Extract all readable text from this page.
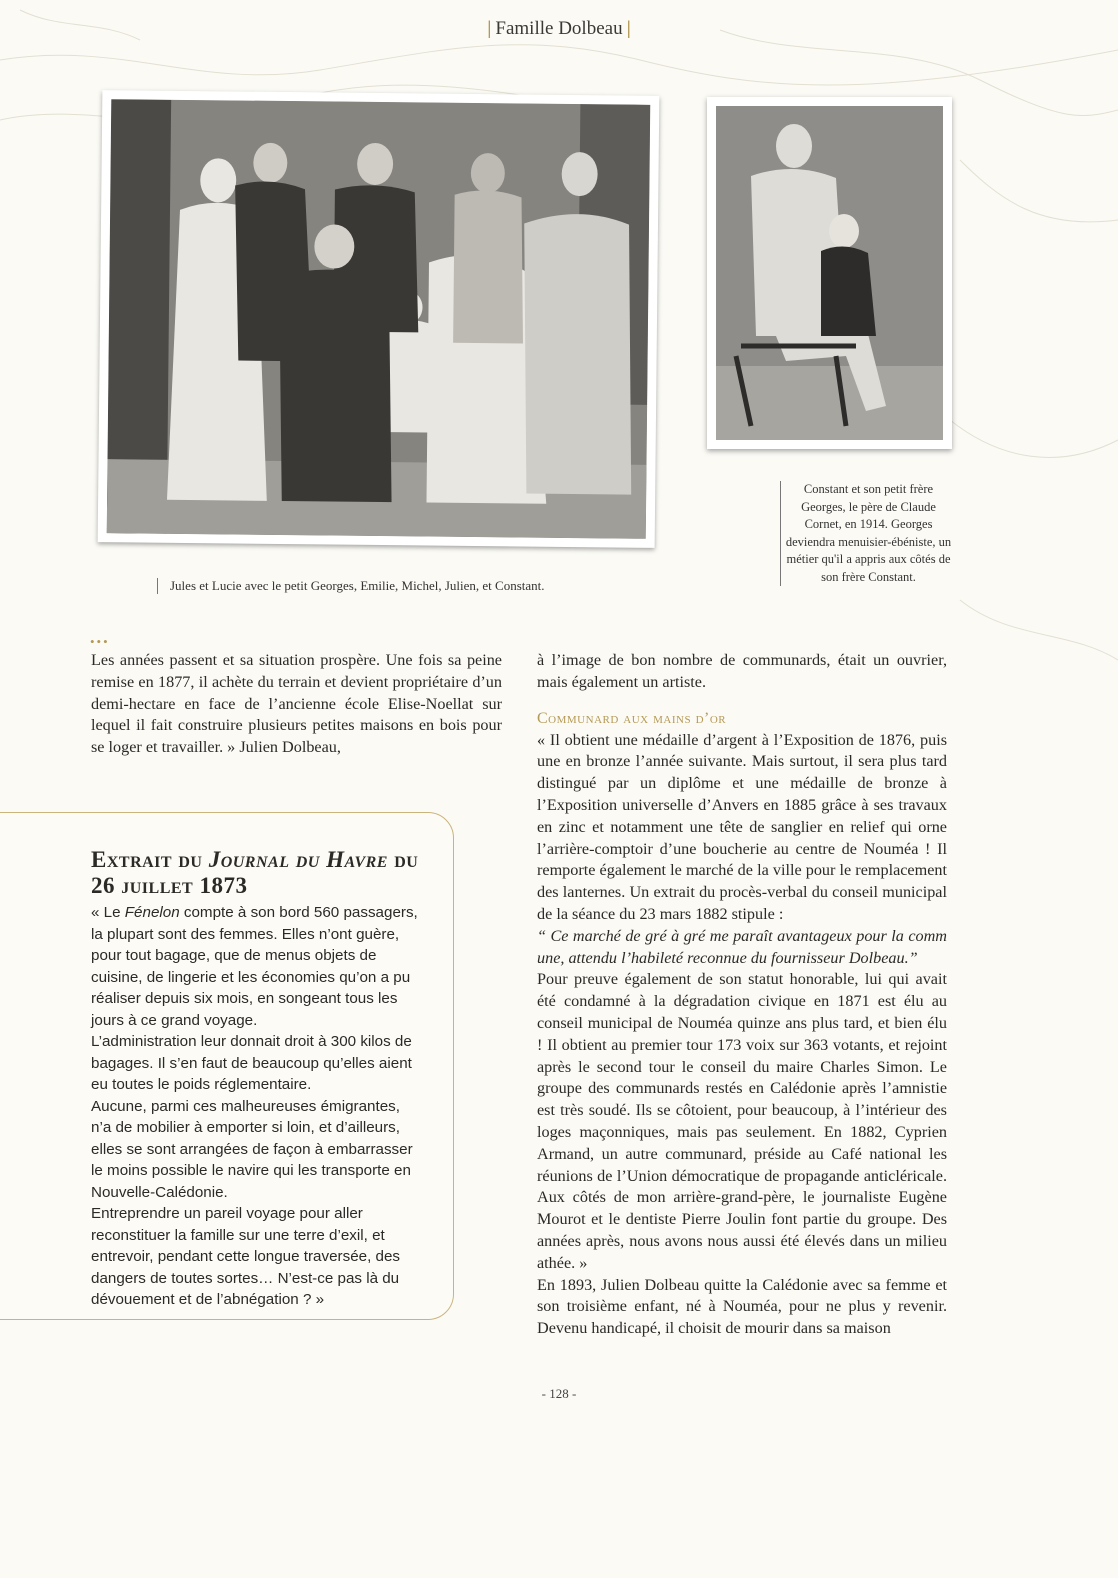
| Famille Dolbeau |
Jules et Lucie avec le petit Georges, Emilie, Michel, Julien, et Constant.
Constant et son petit frère Georges, le père de Claude Cornet, en 1914. Georges deviendra menuisier-ébéniste, un métier qu'il a appris aux côtés de son frère Constant.
•••

Les années passent et sa situation prospère. Une fois sa peine remise en 1877, il achète du terrain et devient propriétaire d’un demi-hectare en face de l’ancienne école Elise-Noellat sur lequel il fait construire plusieurs petites maisons en bois pour se loger et travailler. » Julien Dolbeau,

Extrait du Journal du Havre du 26 juillet 1873

« Le Fénelon compte à son bord 560 passagers, la plupart sont des femmes. Elles n’ont guère, pour tout bagage, que de menus objets de cuisine, de lingerie et les économies qu’on a pu réaliser depuis six mois, en songeant tous les jours à ce grand voyage.

L’administration leur donnait droit à 300 kilos de bagages. Il s’en faut de beaucoup qu’elles aient eu toutes le poids réglementaire.

Aucune, parmi ces malheureuses émigrantes, n’a de mobilier à emporter si loin, et d’ailleurs, elles se sont arrangées de façon à embarrasser le moins possible le navire qui les transporte en Nouvelle-Calédonie.

Entreprendre un pareil voyage pour aller reconstituer la famille sur une terre d’exil, et entrevoir, pendant cette longue traversée, des dangers de toutes sortes… N’est-ce pas là du dévouement et de l’abnégation ? »

à l’image de bon nombre de communards, était un ouvrier, mais également un artiste.

Communard aux mains d’or

« Il obtient une médaille d’argent à l’Exposition de 1876, puis une en bronze l’année suivante. Mais surtout, il sera plus tard distingué par un diplôme et une médaille de bronze à l’Exposition universelle d’Anvers en 1885 grâce à ses travaux en zinc et notamment une tête de sanglier en relief qui orne l’arrière-comptoir d’une boucherie au centre de Nouméa ! Il remporte également le marché de la ville pour le remplacement des lanternes. Un extrait du procès-verbal du conseil municipal de la séance du 23 mars 1882 stipule :

“ Ce marché de gré à gré me paraît avantageux pour la comm une, attendu l’habileté reconnue du fournisseur Dolbeau.”

Pour preuve également de son statut honorable, lui qui avait été condamné à la dégradation civique en 1871 est élu au conseil municipal de Nouméa quinze ans plus tard, et bien élu ! Il obtient au premier tour 173 voix sur 363 votants, et rejoint après le second tour le conseil du maire Charles Simon. Le groupe des communards restés en Calédonie après l’amnistie est très soudé. Ils se côtoient, pour beaucoup, à l’intérieur des loges maçonniques, mais pas seulement. En 1882, Cyprien Armand, un autre communard, préside au Café national les réunions de l’Union démocratique de propagande anticléricale. Aux côtés de mon arrière-grand-père, le journaliste Eugène Mourot et le dentiste Pierre Joulin font partie du groupe. Des années après, nous avons nous aussi été élevés dans un milieu athée. »

En 1893, Julien Dolbeau quitte la Calédonie avec sa femme et son troisième enfant, né à Nouméa, pour ne plus y revenir. Devenu handicapé, il choisit de mourir dans sa maison

- 128 -
